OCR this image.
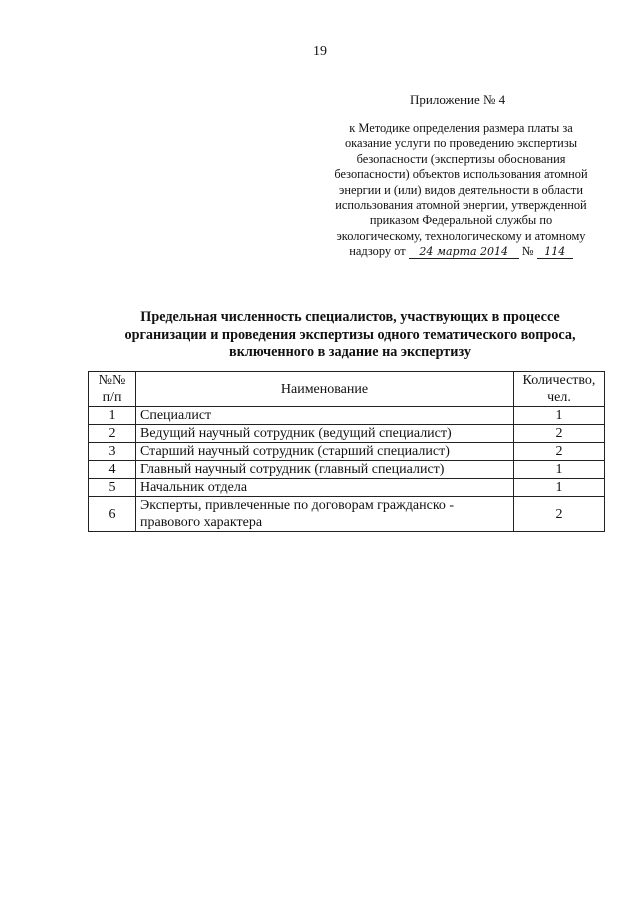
19
Приложение № 4
к Методике определения размера платы за
оказание услуги по проведению экспертизы
безопасности (экспертизы обоснования
безопасности) объектов использования атомной
энергии и (или) видов деятельности в области
использования атомной энергии, утвержденной
приказом Федеральной службы по
экологическому, технологическому и атомному
надзору от 24 марта 2014 № 114
Предельная численность специалистов, участвующих в процессе
организации и проведения экспертизы одного тематического вопроса,
включенного в задание на экспертизу
№№
п/п	Наименование	Количество,
чел.
1	Специалист	1
2	Ведущий научный сотрудник (ведущий специалист)	2
3	Старший научный сотрудник (старший специалист)	2
4	Главный научный сотрудник (главный специалист)	1
5	Начальник отдела	1
6	Эксперты, привлеченные по договорам гражданско -
правового характера	2
